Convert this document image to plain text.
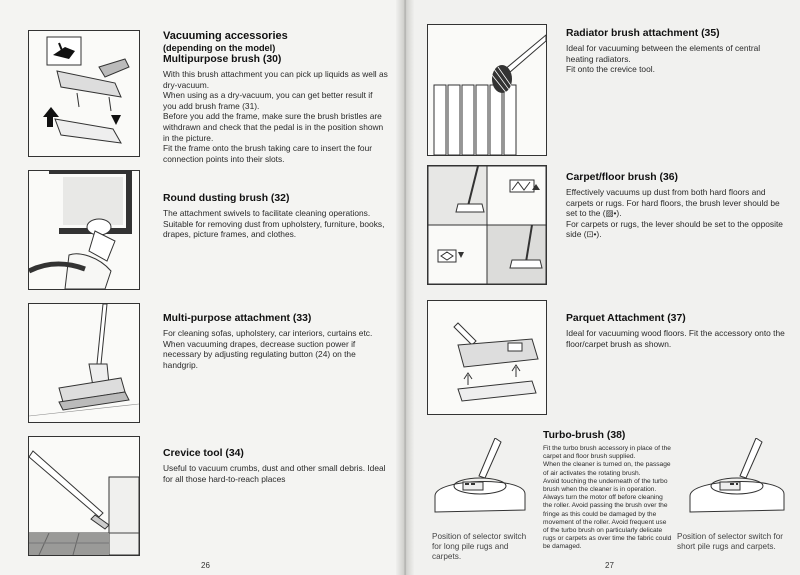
Vacuuming accessories

(depending on the model)

Multipurpose brush (30)

With this brush attachment you can pick up liquids as well as dry-vacuum.

When using as a dry-vacuum, you can get better result if you add brush frame (31).

Before you add the frame, make sure the brush bristles are withdrawn and check that the pedal is in the position shown in the picture.

Fit the frame onto the brush taking care to insert the four connection points into their slots.

Round dusting brush (32)

The attachment swivels to facilitate cleaning operations. Suitable for removing dust from upholstery, furniture, books, drapes, picture frames, and clothes.

Multi-purpose attachment (33)

For cleaning sofas, upholstery, car interiors, curtains etc. When vacuuming drapes, decrease suction power if necessary by adjusting regulating button (24) on the handgrip.

Crevice tool (34)

Useful to vacuum crumbs, dust and other small debris. Ideal for all those hard-to-reach places

26
Radiator brush attachment (35)

Ideal for vacuuming between the elements of central heating radiators.

Fit onto the crevice tool.

Carpet/floor brush (36)

Effectively vacuums up dust from both hard floors and carpets or rugs. For hard floors, the brush lever should be set to the (▨•).

For carpets or rugs, the lever should be set to the opposite side (⊡•).

Parquet Attachment (37)

Ideal for vacuuming wood floors. Fit the accessory onto the floor/carpet brush as shown.

Turbo-brush (38)

Fit the turbo brush accessory in place of the carpet and floor brush supplied.

When the cleaner is turned on, the passage of air activates the rotating brush.

Avoid touching the underneath of the turbo brush when the cleaner is in operation.

Always turn the motor off before cleaning the roller. Avoid passing the brush over the fringe as this could be damaged by the movement of the roller. Avoid frequent use of the turbo brush on particularly delicate rugs or carpets as over time the fabric could be damaged.

Position of selector switch for long pile rugs and carpets.
Position of selector switch for short pile rugs and carpets.
27
